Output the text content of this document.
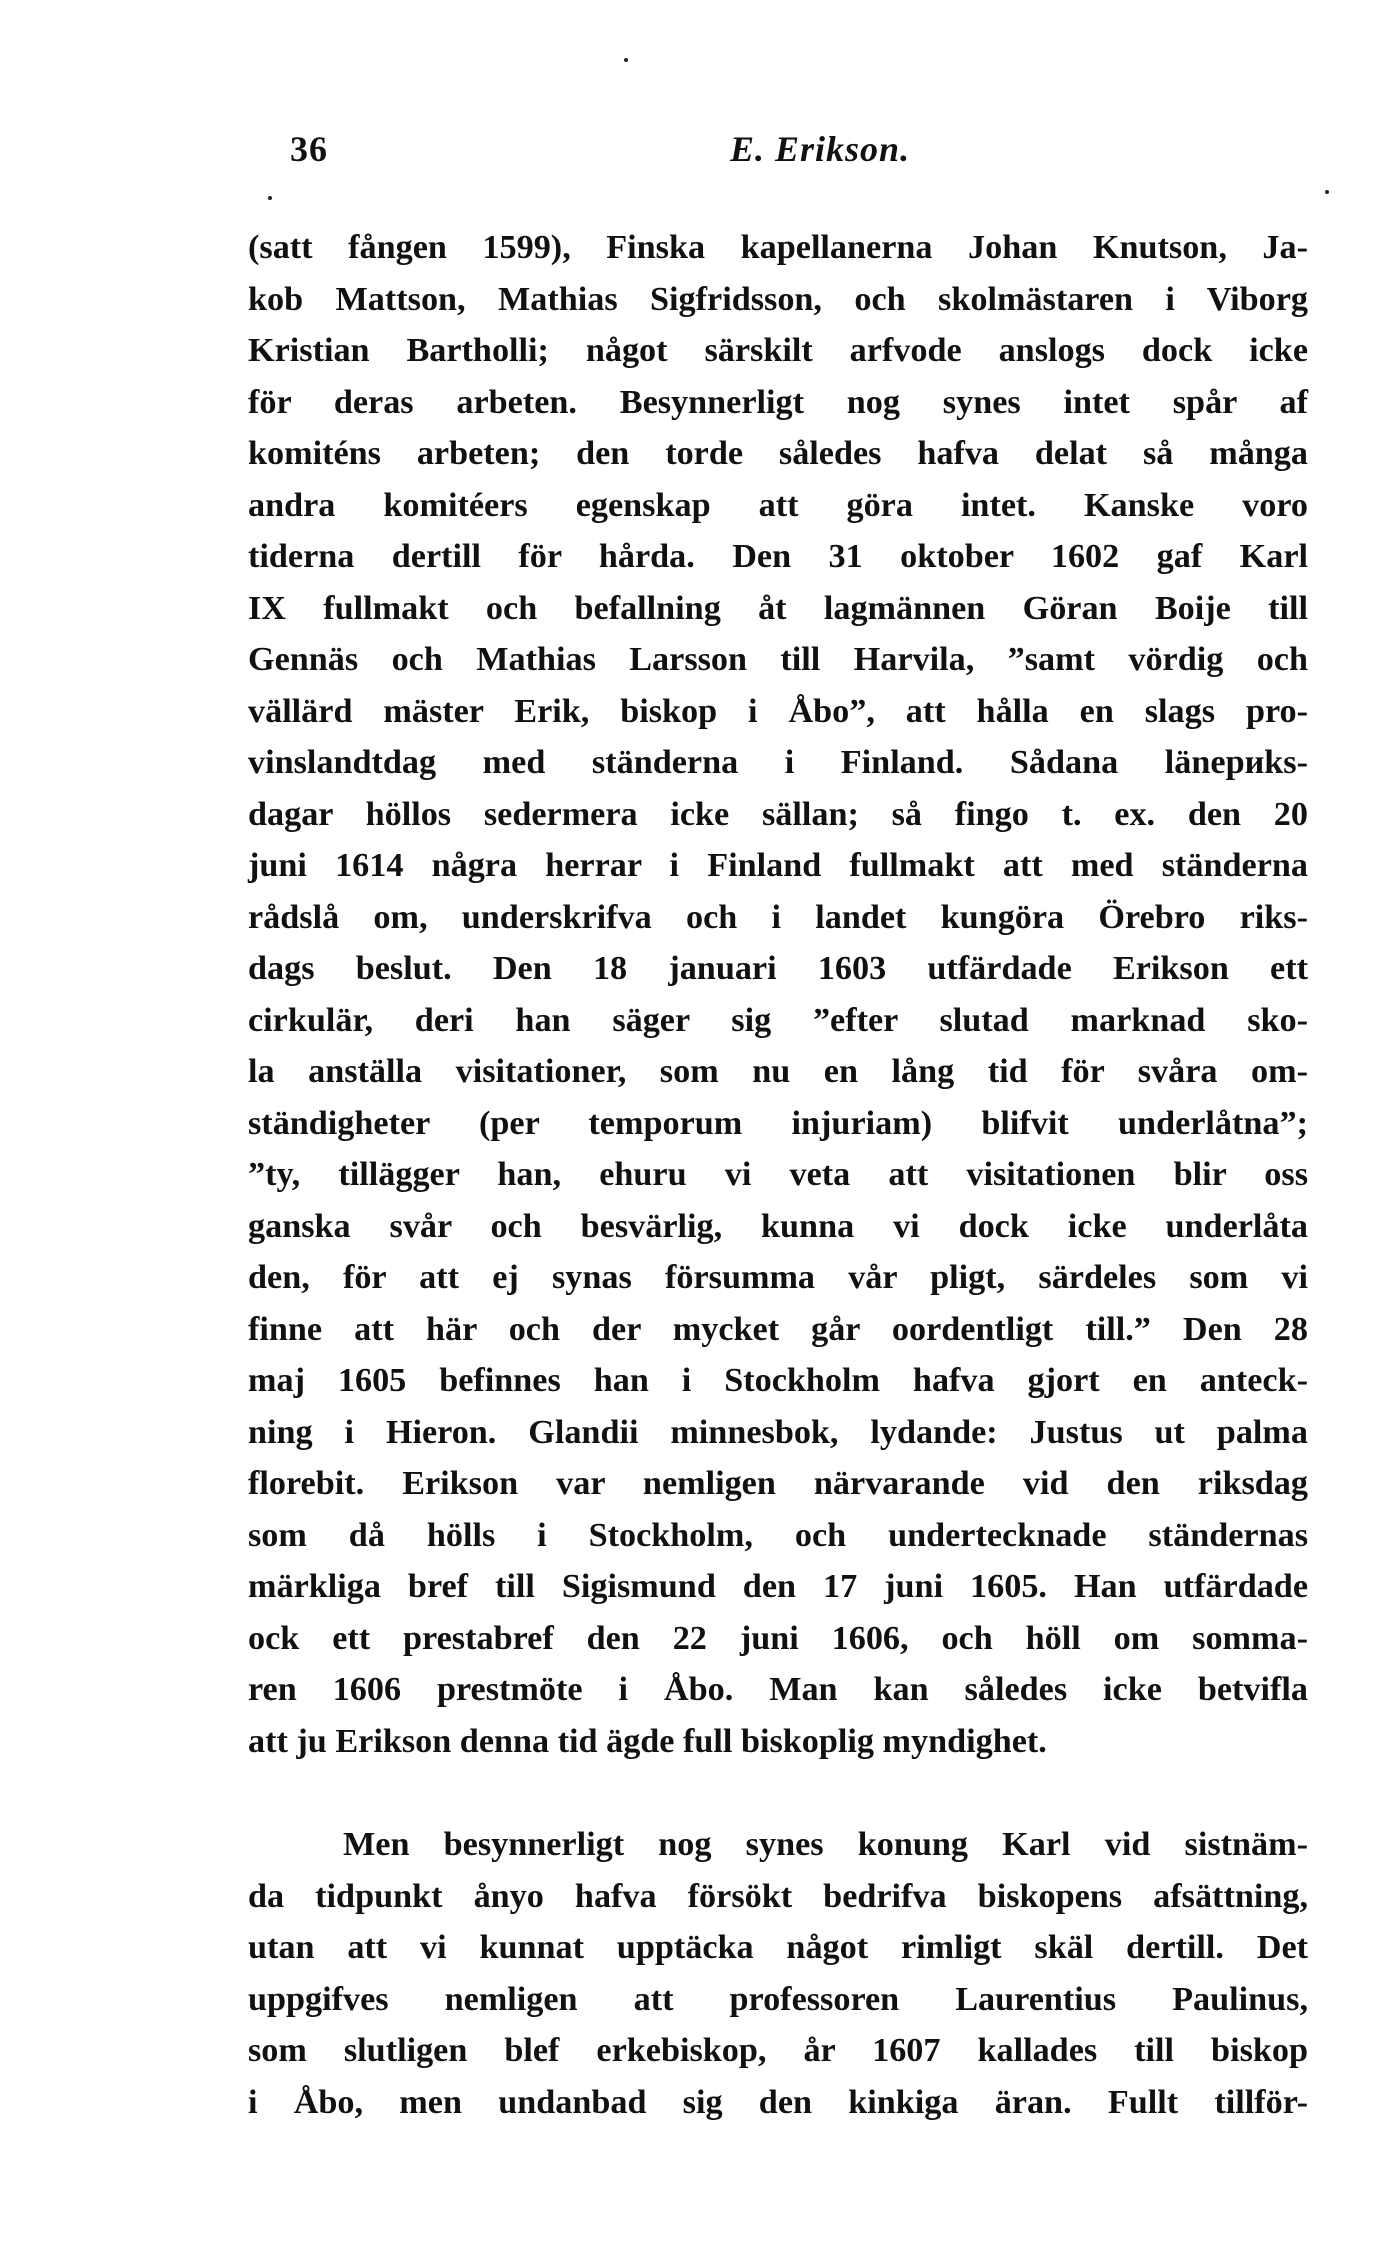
36	E. Erikson.
(satt fången 1599), Finska kapellanerna Johan Knutson, Ja-
kob Mattson, Mathias Sigfridsson, och skolmästaren i Viborg
Kristian Bartholli; något särskilt arfvode anslogs dock icke
för deras arbeten. Besynnerligt nog synes intet spår af
komiténs arbeten; den torde således hafva delat så många
andra komitéers egenskap att göra intet. Kanske voro
tiderna dertill för hårda. Den 31 oktober 1602 gaf Karl
IX fullmakt och befallning åt lagmännen Göran Boije till
Gennäs och Mathias Larsson till Harvila, ”samt vördig och
vällärd mäster Erik, biskop i Åbo”, att hålla en slags pro-
vinslandtdag med ständerna i Finland. Sådana länериks-
dagar höllos sedermera icke sällan; så fingo t. ex. den 20
juni 1614 några herrar i Finland fullmakt att med ständerna
rådslå om, underskrifva och i landet kungöra Örebro riks-
dags beslut. Den 18 januari 1603 utfärdade Erikson ett
cirkulär, deri han säger sig ”efter slutad marknad sko-
la anställa visitationer, som nu en lång tid för svåra om-
ständigheter (per temporum injuriam) blifvit underlåtna”;
”ty, tillägger han, ehuru vi veta att visitationen blir oss
ganska svår och besvärlig, kunna vi dock icke underlåta
den, för att ej synas försumma vår pligt, särdeles som vi
finne att här och der mycket går oordentligt till.” Den 28
maj 1605 befinnes han i Stockholm hafva gjort en anteck-
ning i Hieron. Glandii minnesbok, lydande: Justus ut palma
florebit. Erikson var nemligen närvarande vid den riksdag
som då hölls i Stockholm, och undertecknade ständernas
märkliga bref till Sigismund den 17 juni 1605. Han utfärdade
ock ett prestabref den 22 juni 1606, och höll om somma-
ren 1606 prestmöte i Åbo. Man kan således icke betvifla
att ju Erikson denna tid ägde full biskoplig myndighet.
Men besynnerligt nog synes konung Karl vid sistnäm-
da tidpunkt ånyo hafva försökt bedrifva biskopens afsättning,
utan att vi kunnat upptäcka något rimligt skäl dertill. Det
uppgifves nemligen att professoren Laurentius Paulinus,
som slutligen blef erkebiskop, år 1607 kallades till biskop
i Åbo, men undanbad sig den kinkiga äran. Fullt tillför-
